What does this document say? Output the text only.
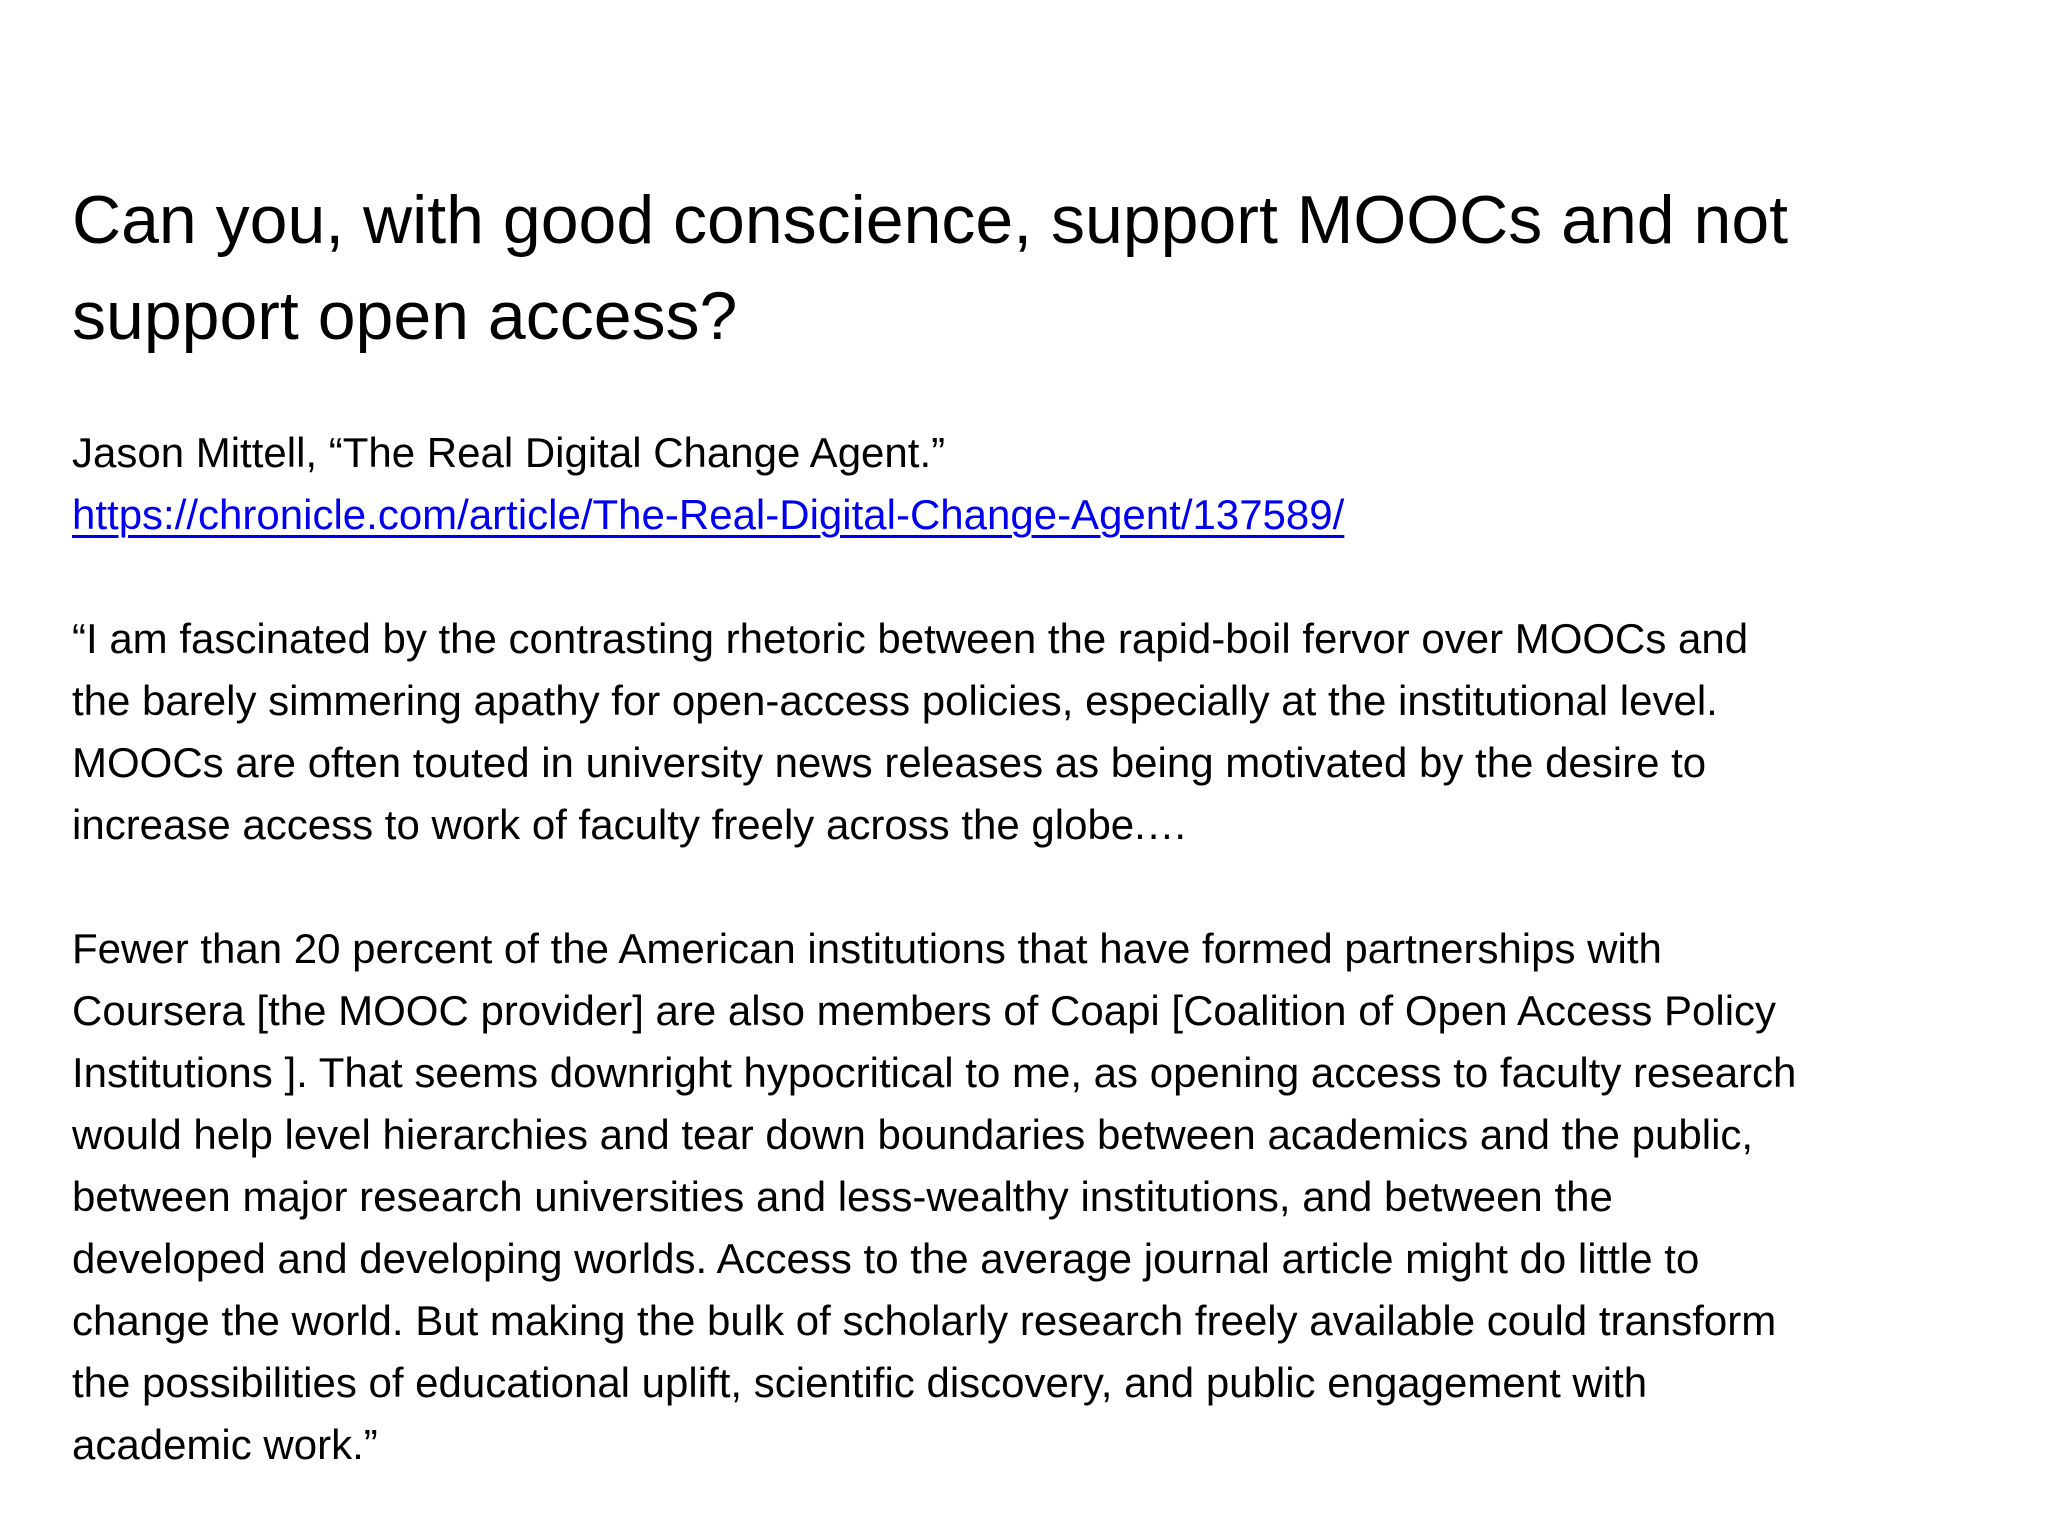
Can you, with good conscience, support MOOCs and not support open access?
Jason Mittell, “The Real Digital Change Agent.”
https://chronicle.com/article/The-Real-Digital-Change-Agent/137589/
“I am fascinated by the contrasting rhetoric between the rapid-boil fervor over MOOCs and
the barely simmering apathy for open-access policies, especially at the institutional level.
MOOCs are often touted in university news releases as being motivated by the desire to
increase access to work of faculty freely across the globe.…
Fewer than 20 percent of the American institutions that have formed partnerships with
Coursera [the MOOC provider] are also members of Coapi [Coalition of Open Access Policy
Institutions ]. That seems downright hypocritical to me, as opening access to faculty research
would help level hierarchies and tear down boundaries between academics and the public,
between major research universities and less-wealthy institutions, and between the
developed and developing worlds. Access to the average journal article might do little to
change the world. But making the bulk of scholarly research freely available could transform
the possibilities of educational uplift, scientific discovery, and public engagement with
academic work.”
